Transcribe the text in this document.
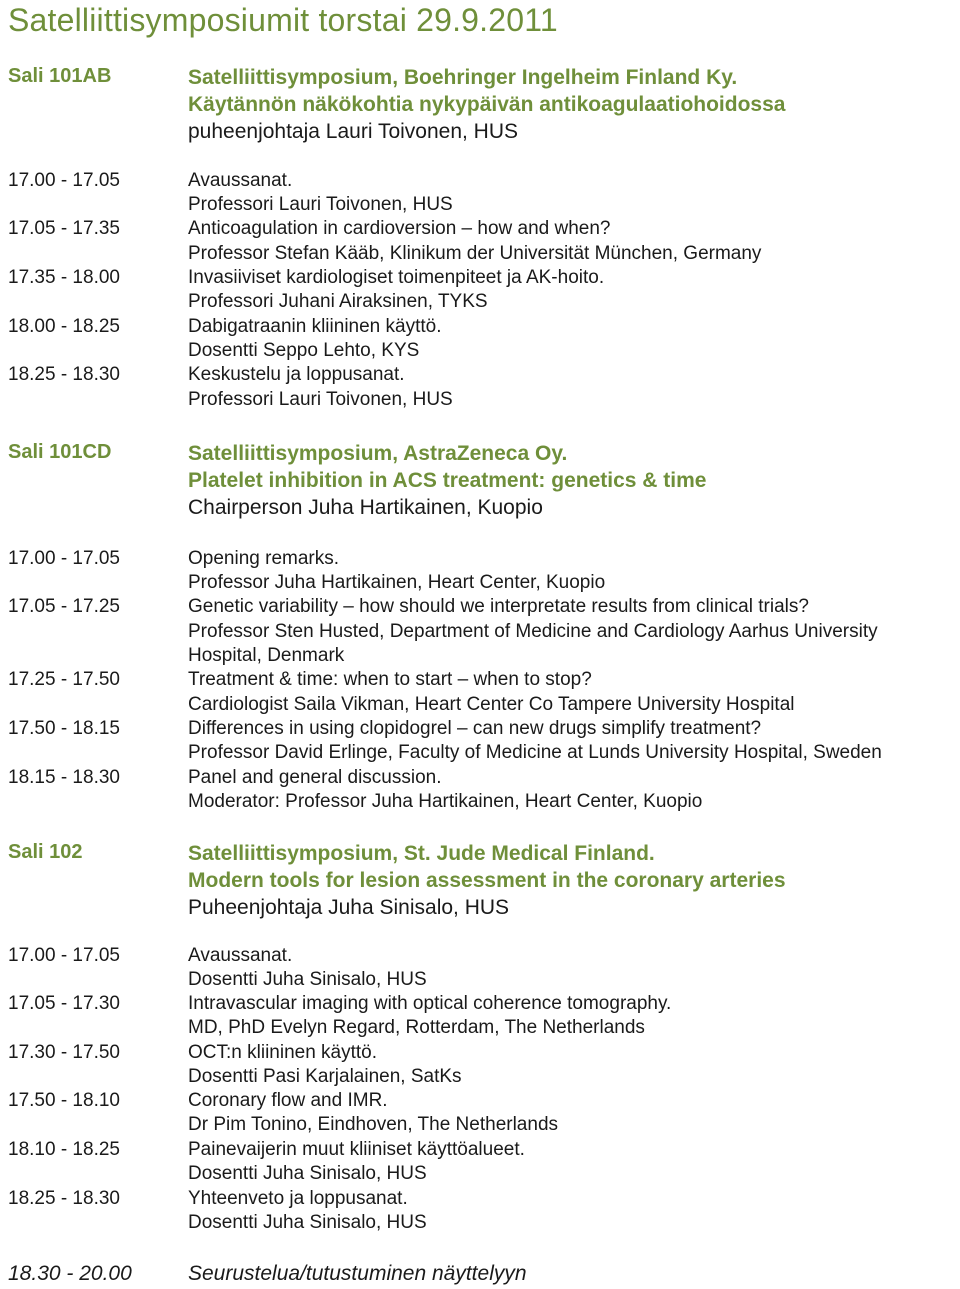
Satelliittisymposiumit torstai 29.9.2011
Sali 101AB	Satelliittisymposium, Boehringer Ingelheim Finland Ky.
Käytännön näkökohtia nykypäivän antikoagulaatiohoidossa
puheenjohtaja Lauri Toivonen, HUS
17.00 - 17.05	Avaussanat.
Professori Lauri Toivonen, HUS
17.05 - 17.35	Anticoagulation in cardioversion – how and when?
Professor Stefan Kääb, Klinikum der Universität München, Germany
17.35 - 18.00	Invasiiviset kardiologiset toimenpiteet ja AK-hoito.
Professori Juhani Airaksinen, TYKS
18.00 - 18.25	Dabigatraanin kliininen käyttö.
Dosentti Seppo Lehto, KYS
18.25 - 18.30	Keskustelu ja loppusanat.
Professori Lauri Toivonen, HUS
Sali 101CD	Satelliittisymposium, AstraZeneca Oy.
Platelet inhibition in ACS treatment: genetics & time
Chairperson Juha Hartikainen, Kuopio
17.00 - 17.05	Opening remarks.
Professor Juha Hartikainen, Heart Center, Kuopio
17.05 - 17.25	Genetic variability – how should we interpretate results from clinical trials?
Professor Sten Husted, Department of Medicine and Cardiology Aarhus University
Hospital, Denmark
17.25 - 17.50	Treatment & time: when to start – when to stop?
Cardiologist Saila Vikman, Heart Center Co Tampere University Hospital
17.50 - 18.15	Differences in using clopidogrel – can new drugs simplify treatment?
Professor David Erlinge, Faculty of Medicine at Lunds University Hospital, Sweden
18.15 - 18.30	Panel and general discussion.
Moderator: Professor Juha Hartikainen, Heart Center, Kuopio
Sali 102	Satelliittisymposium, St. Jude Medical Finland.
Modern tools for lesion assessment in the coronary arteries
Puheenjohtaja Juha Sinisalo, HUS
17.00 - 17.05	Avaussanat.
Dosentti Juha Sinisalo, HUS
17.05 - 17.30	Intravascular imaging with optical coherence tomography.
MD, PhD Evelyn Regard, Rotterdam, The Netherlands
17.30 - 17.50	OCT:n kliininen käyttö.
Dosentti Pasi Karjalainen, SatKs
17.50 - 18.10	Coronary flow and IMR.
Dr Pim Tonino, Eindhoven, The Netherlands
18.10 - 18.25	Painevaijerin muut kliiniset käyttöalueet.
Dosentti Juha Sinisalo, HUS
18.25 - 18.30	Yhteenveto ja loppusanat.
Dosentti Juha Sinisalo, HUS
18.30 - 20.00	Seurustelua/tutustuminen näyttelyyn
